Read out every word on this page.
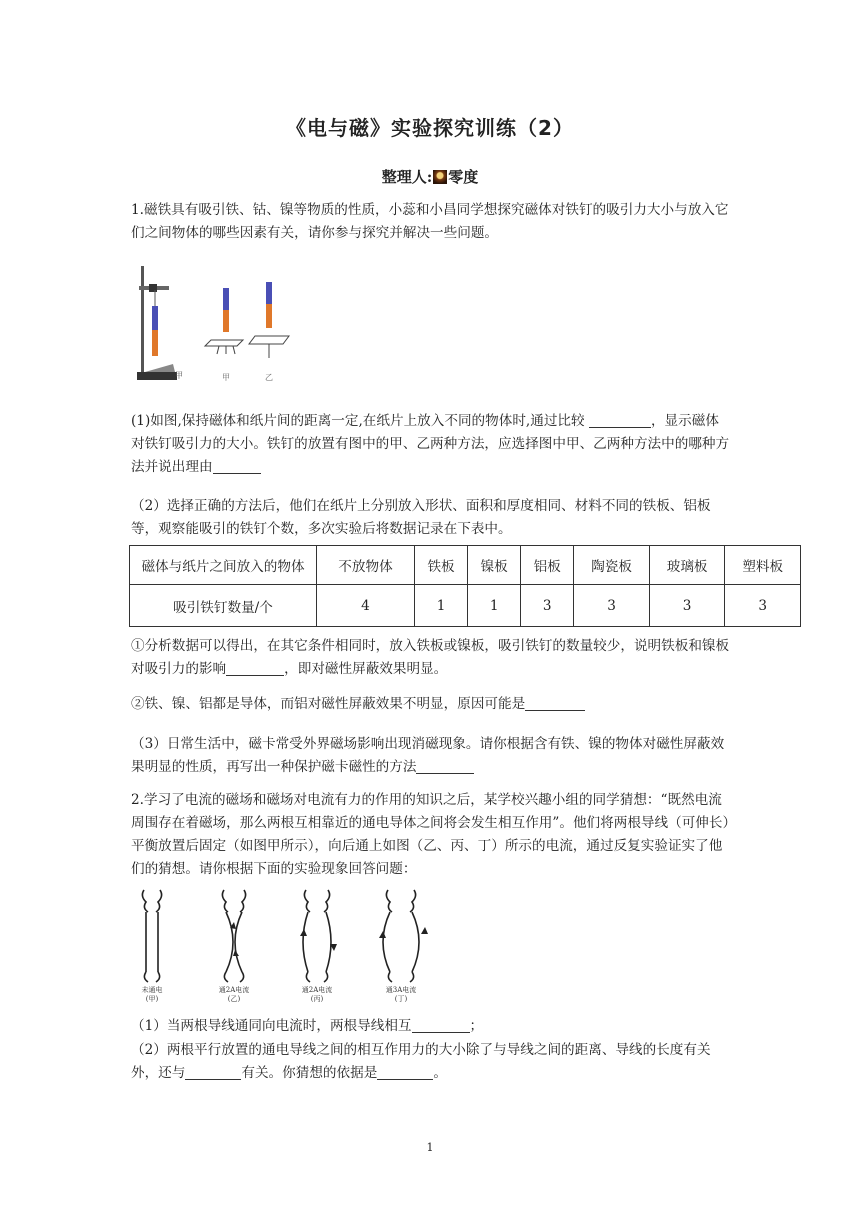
《电与磁》实验探究训练（2）
整理人: 零度

1.磁铁具有吸引铁、钴、镍等物质的性质，小蕊和小昌同学想探究磁体对铁钉的吸引力大小与放入它们之间物体的哪些因素有关，请你参与探究并解决一些问题。

甲	甲	乙

(1)如图,保持磁体和纸片间的距离一定,在纸片上放入不同的物体时,通过比较	，显示磁体对铁钉吸引力的大小。铁钉的放置有图中的甲、乙两种方法，应选择图中甲、乙两种方法中的哪种方法并说出理由

（2）选择正确的方法后，他们在纸片上分别放入形状、面积和厚度相同、材料不同的铁板、铝板等，观察能吸引的铁钉个数，多次实验后将数据记录在下表中。

磁体与纸片之间放入的物体	不放物体	铁板	镍板	铝板	陶瓷板	玻璃板	塑料板
吸引铁钉数量/个	4	1	1	3	3	3	3

①分析数据可以得出，在其它条件相同时，放入铁板或镍板，吸引铁钉的数量较少，说明铁板和镍板对吸引力的影响	，即对磁性屏蔽效果明显。

②铁、镍、铝都是导体，而铝对磁性屏蔽效果不明显，原因可能是

（3）日常生活中，磁卡常受外界磁场影响出现消磁现象。请你根据含有铁、镍的物体对磁性屏蔽效果明显的性质，再写出一种保护磁卡磁性的方法

2.学习了电流的磁场和磁场对电流有力的作用的知识之后，某学校兴趣小组的同学猜想：“既然电流周围存在着磁场，那么两根互相靠近的通电导体之间将会发生相互作用”。他们将两根导线（可伸长）平衡放置后固定（如图甲所示），向后通上如图（乙、丙、丁）所示的电流，通过反复实验证实了他们的猜想。请你根据下面的实验现象回答问题：

未通电
(甲)
通2A电流
(乙)
通2A电流
(丙)
通3A电流
(丁)

（1）当两根导线通同向电流时，两根导线相互	；

（2）两根平行放置的通电导线之间的相互作用力的大小除了与导线之间的距离、导线的长度有关外，还与	有关。你猜想的依据是	。

1
